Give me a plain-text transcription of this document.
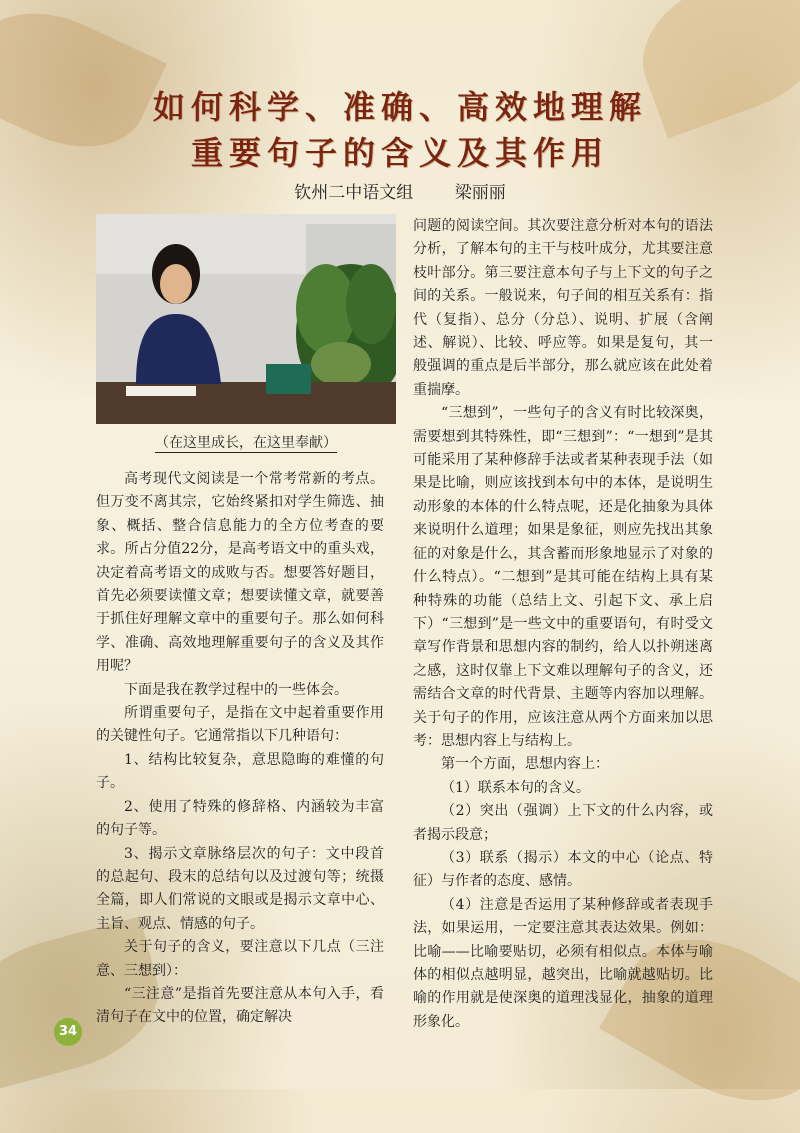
如何科学、准确、高效地理解
重要句子的含义及其作用
钦州二中语文组 梁丽丽
（在这里成长，在这里奉献）

高考现代文阅读是一个常考常新的考点。但万变不离其宗，它始终紧扣对学生筛选、抽象、概括、整合信息能力的全方位考查的要求。所占分值22分，是高考语文中的重头戏，决定着高考语文的成败与否。想要答好题目，首先必须要读懂文章；想要读懂文章，就要善于抓住好理解文章中的重要句子。那么如何科学、准确、高效地理解重要句子的含义及其作用呢？

下面是我在教学过程中的一些体会。

所谓重要句子，是指在文中起着重要作用的关键性句子。它通常指以下几种语句：

1、结构比较复杂，意思隐晦的难懂的句子。

2、使用了特殊的修辞格、内涵较为丰富的句子等。

3、揭示文章脉络层次的句子：文中段首的总起句、段末的总结句以及过渡句等；统摄全篇，即人们常说的文眼或是揭示文章中心、主旨、观点、情感的句子。

关于句子的含义，要注意以下几点（三注意、三想到）：

“三注意”是指首先要注意从本句入手，看清句子在文中的位置，确定解决

问题的阅读空间。其次要注意分析对本句的语法分析，了解本句的主干与枝叶成分，尤其要注意枝叶部分。第三要注意本句子与上下文的句子之间的关系。一般说来，句子间的相互关系有：指代（复指）、总分（分总）、说明、扩展（含阐述、解说）、比较、呼应等。如果是复句，其一般强调的重点是后半部分，那么就应该在此处着重揣摩。

“三想到”，一些句子的含义有时比较深奥，需要想到其特殊性，即“三想到”：“一想到”是其可能采用了某种修辞手法或者某种表现手法（如果是比喻，则应该找到本句中的本体，是说明生动形象的本体的什么特点呢，还是化抽象为具体来说明什么道理；如果是象征，则应先找出其象征的对象是什么，其含蓄而形象地显示了对象的什么特点）。“二想到”是其可能在结构上具有某种特殊的功能（总结上文、引起下文、承上启下）“三想到”是一些文中的重要语句，有时受文章写作背景和思想内容的制约，给人以扑朔迷离之感，这时仅靠上下文难以理解句子的含义，还需结合文章的时代背景、主题等内容加以理解。关于句子的作用，应该注意从两个方面来加以思考：思想内容上与结构上。

第一个方面，思想内容上：

（1）联系本句的含义。

（2）突出（强调）上下文的什么内容，或者揭示段意；

（3）联系（揭示）本文的中心（论点、特征）与作者的态度、感情。

（4）注意是否运用了某种修辞或者表现手法，如果运用，一定要注意其表达效果。例如：比喻——比喻要贴切，必须有相似点。本体与喻体的相似点越明显，越突出，比喻就越贴切。比喻的作用就是使深奥的道理浅显化，抽象的道理形象化。

34
